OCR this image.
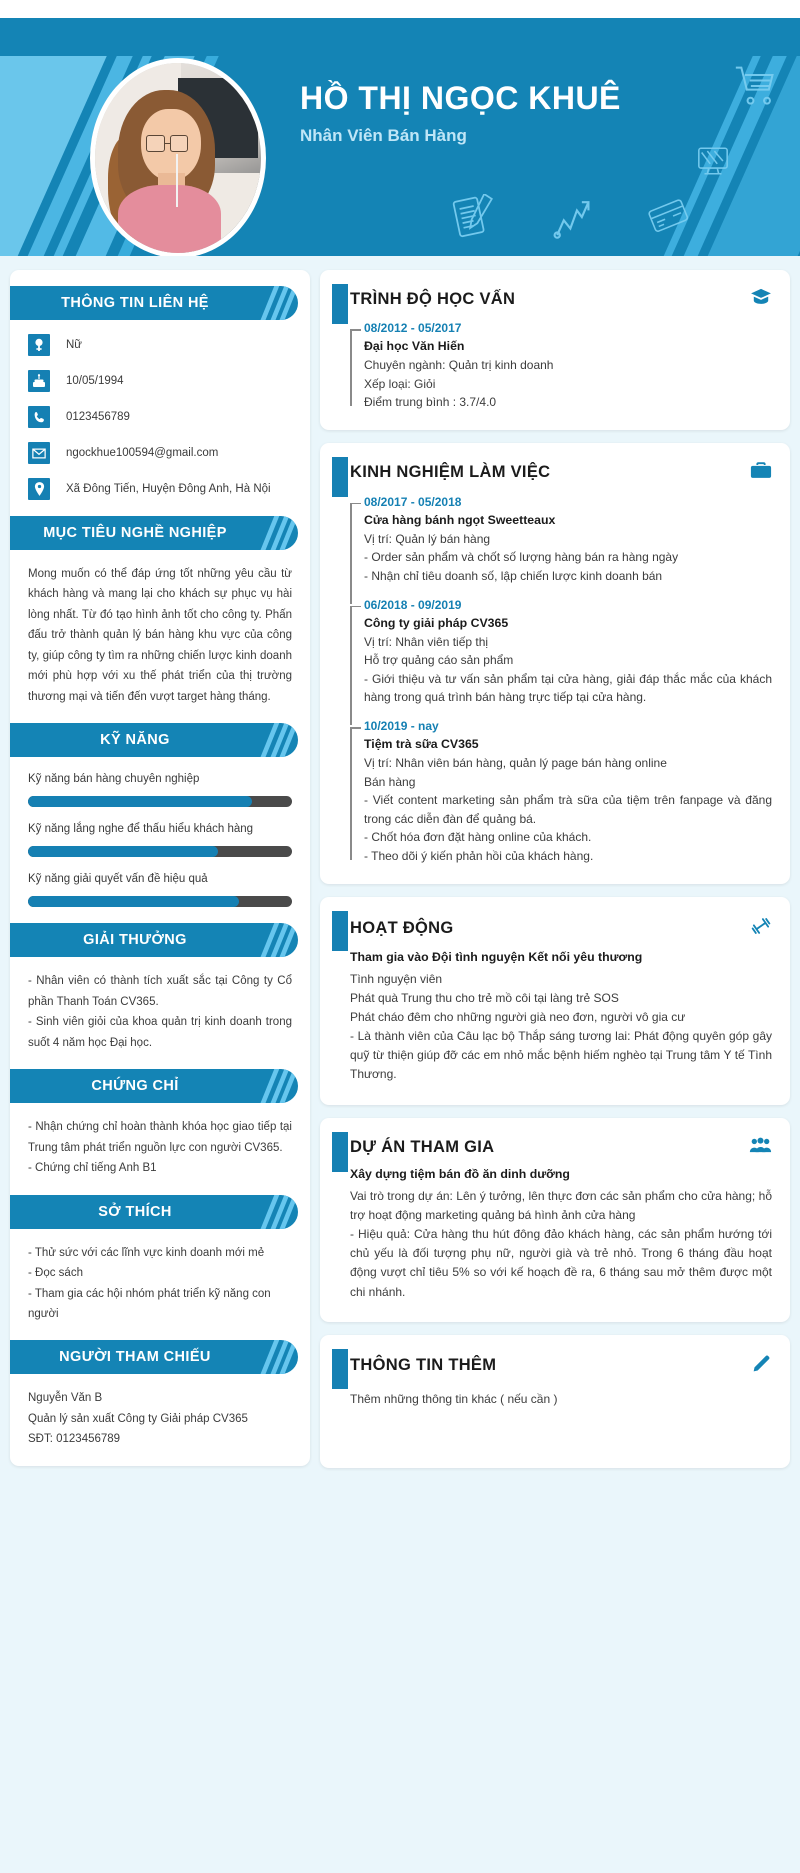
HỒ THỊ NGỌC KHUÊ
Nhân Viên Bán Hàng
THÔNG TIN LIÊN HỆ
Nữ
10/05/1994
0123456789
ngockhue100594@gmail.com
Xã Đông Tiến, Huyện Đông Anh, Hà Nội
MỤC TIÊU NGHỀ NGHIỆP
Mong muốn có thể đáp ứng tốt những yêu cầu từ khách hàng và mang lại cho khách sự phục vụ hài lòng nhất. Từ đó tạo hình ảnh tốt cho công ty. Phấn đấu trở thành quản lý bán hàng khu vực của công ty, giúp công ty tìm ra những chiến lược kinh doanh mới phù hợp với xu thế phát triển của thị trường thương mại và tiến đến vượt target hàng tháng.
KỸ NĂNG
Kỹ năng bán hàng chuyên nghiệp
Kỹ năng lắng nghe để thấu hiểu khách hàng
Kỹ năng giải quyết vấn đề hiệu quả
GIẢI THƯỞNG
- Nhân viên có thành tích xuất sắc tại Công ty Cổ phần Thanh Toán CV365.
- Sinh viên giỏi của khoa quản trị kinh doanh trong suốt 4 năm học Đại học.
CHỨNG CHỈ
- Nhận chứng chỉ hoàn thành khóa học giao tiếp tại Trung tâm phát triển nguồn lực con người CV365.
- Chứng chỉ tiếng Anh B1
SỞ THÍCH
- Thử sức với các lĩnh vực kinh doanh mới mẻ
- Đọc sách
- Tham gia các hội nhóm phát triển kỹ năng con người
NGƯỜI THAM CHIẾU
Nguyễn Văn B
Quản lý sản xuất Công ty Giải pháp CV365
SĐT: 0123456789
TRÌNH ĐỘ HỌC VẤN
08/2012 - 05/2017
Đại học Văn Hiến
Chuyên ngành: Quản trị kinh doanh
Xếp loại: Giỏi
Điểm trung bình : 3.7/4.0
KINH NGHIỆM LÀM VIỆC
08/2017 - 05/2018
Cửa hàng bánh ngọt Sweetteaux
Vị trí: Quản lý bán hàng
- Order sản phẩm và chốt số lượng hàng bán ra hàng ngày
- Nhận chỉ tiêu doanh số, lập chiến lược kinh doanh bán
06/2018 - 09/2019
Công ty giải pháp CV365
Vị trí: Nhân viên tiếp thị
Hỗ trợ quảng cáo sản phẩm
- Giới thiệu và tư vấn sản phẩm tại cửa hàng, giải đáp thắc mắc của khách hàng trong quá trình bán hàng trực tiếp tại cửa hàng.
10/2019 - nay
Tiệm trà sữa CV365
Vị trí: Nhân viên bán hàng, quản lý page bán hàng online
Bán hàng
- Viết content marketing sản phẩm trà sữa của tiệm trên fanpage và đăng trong các diễn đàn để quảng bá.
- Chốt hóa đơn đặt hàng online của khách.
- Theo dõi ý kiến phản hồi của khách hàng.
HOẠT ĐỘNG
Tham gia vào Đội tình nguyện Kết nối yêu thương
Tình nguyện viên
Phát quà Trung thu cho trẻ mồ côi tại làng trẻ SOS
Phát cháo đêm cho những người già neo đơn, người vô gia cư
- Là thành viên của Câu lạc bộ Thắp sáng tương lai: Phát động quyên góp gây quỹ từ thiện giúp đỡ các em nhỏ mắc bệnh hiếm nghèo tại Trung tâm Y tế Tình Thương.
DỰ ÁN THAM GIA
Xây dựng tiệm bán đồ ăn dinh dưỡng
Vai trò trong dự án: Lên ý tưởng, lên thực đơn các sản phẩm cho cửa hàng; hỗ trợ hoạt động marketing quảng bá hình ảnh cửa hàng
- Hiệu quả: Cửa hàng thu hút đông đảo khách hàng, các sản phẩm hướng tới chủ yếu là đối tượng phụ nữ, người già và trẻ nhỏ. Trong 6 tháng đầu hoạt động vượt chỉ tiêu 5% so với kế hoạch đề ra, 6 tháng sau mở thêm được một chi nhánh.
THÔNG TIN THÊM
Thêm những thông tin khác ( nếu cần )
